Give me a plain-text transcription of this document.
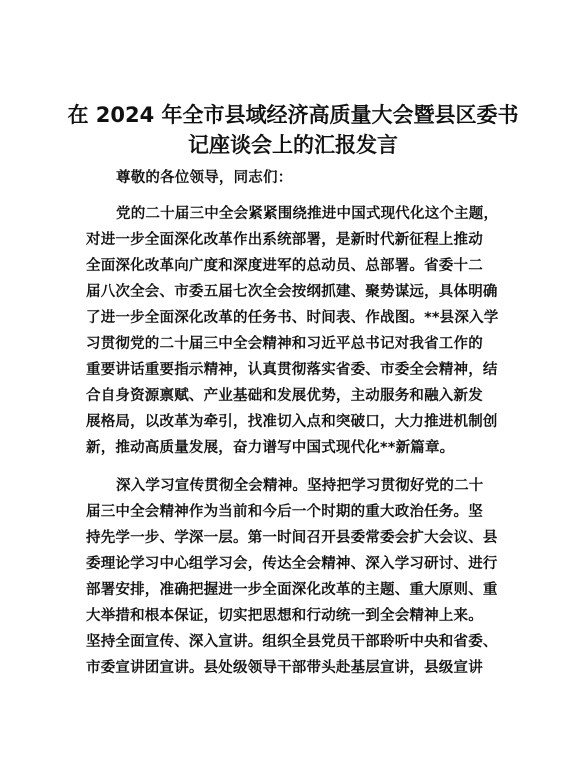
在 2024 年全市县域经济高质量大会暨县区委书
记座谈会上的汇报发言
尊敬的各位领导，同志们：
党的二十届三中全会紧紧围绕推进中国式现代化这个主题，
对进一步全面深化改革作出系统部署，是新时代新征程上推动
全面深化改革向广度和深度进军的总动员、总部署。省委十二
届八次全会、市委五届七次全会按纲抓建、聚势谋远，具体明确
了进一步全面深化改革的任务书、时间表、作战图。**县深入学
习贯彻党的二十届三中全会精神和习近平总书记对我省工作的
重要讲话重要指示精神，认真贯彻落实省委、市委全会精神，结
合自身资源禀赋、产业基础和发展优势，主动服务和融入新发
展格局，以改革为牵引，找准切入点和突破口，大力推进机制创
新，推动高质量发展，奋力谱写中国式现代化**新篇章。
深入学习宣传贯彻全会精神。坚持把学习贯彻好党的二十
届三中全会精神作为当前和今后一个时期的重大政治任务。坚
持先学一步、学深一层。第一时间召开县委常委会扩大会议、县
委理论学习中心组学习会，传达全会精神、深入学习研讨、进行
部署安排，准确把握进一步全面深化改革的主题、重大原则、重
大举措和根本保证，切实把思想和行动统一到全会精神上来。
坚持全面宣传、深入宣讲。组织全县党员干部聆听中央和省委、
市委宣讲团宣讲。县处级领导干部带头赴基层宣讲，县级宣讲
